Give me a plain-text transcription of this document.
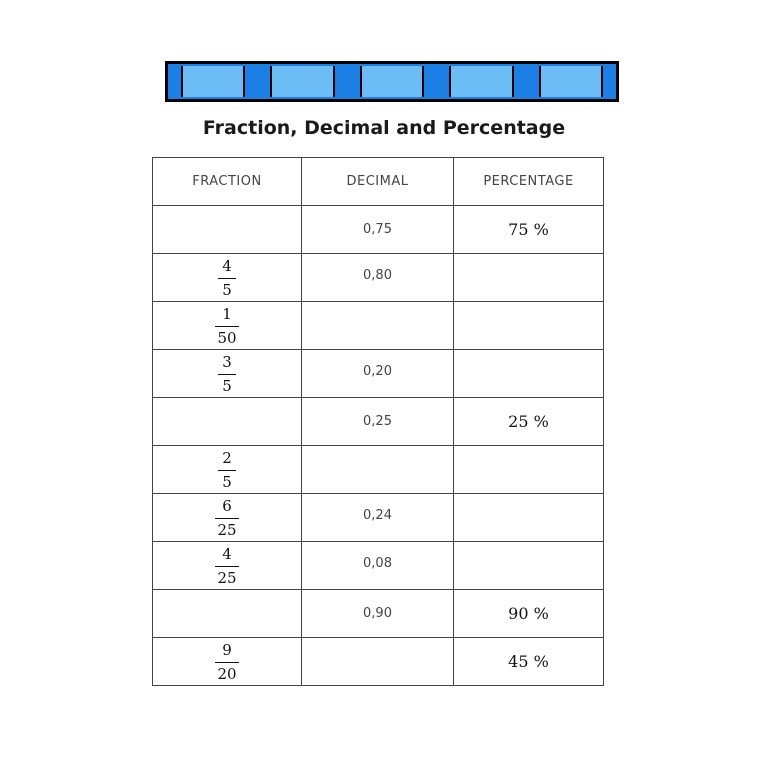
Fraction, Decimal and Percentage
FRACTION	DECIMAL	PERCENTAGE
	0,75	75 %

$\frac{4}{5}$	0,80	

$\frac{1}{50}$

$\frac{3}{5}$	0,20	
	0,25	25 %

$\frac{2}{5}$

$\frac{6}{25}$	0,24	

$\frac{4}{25}$	0,08	
	0,90	90 %

$\frac{9}{20}$		45 %
